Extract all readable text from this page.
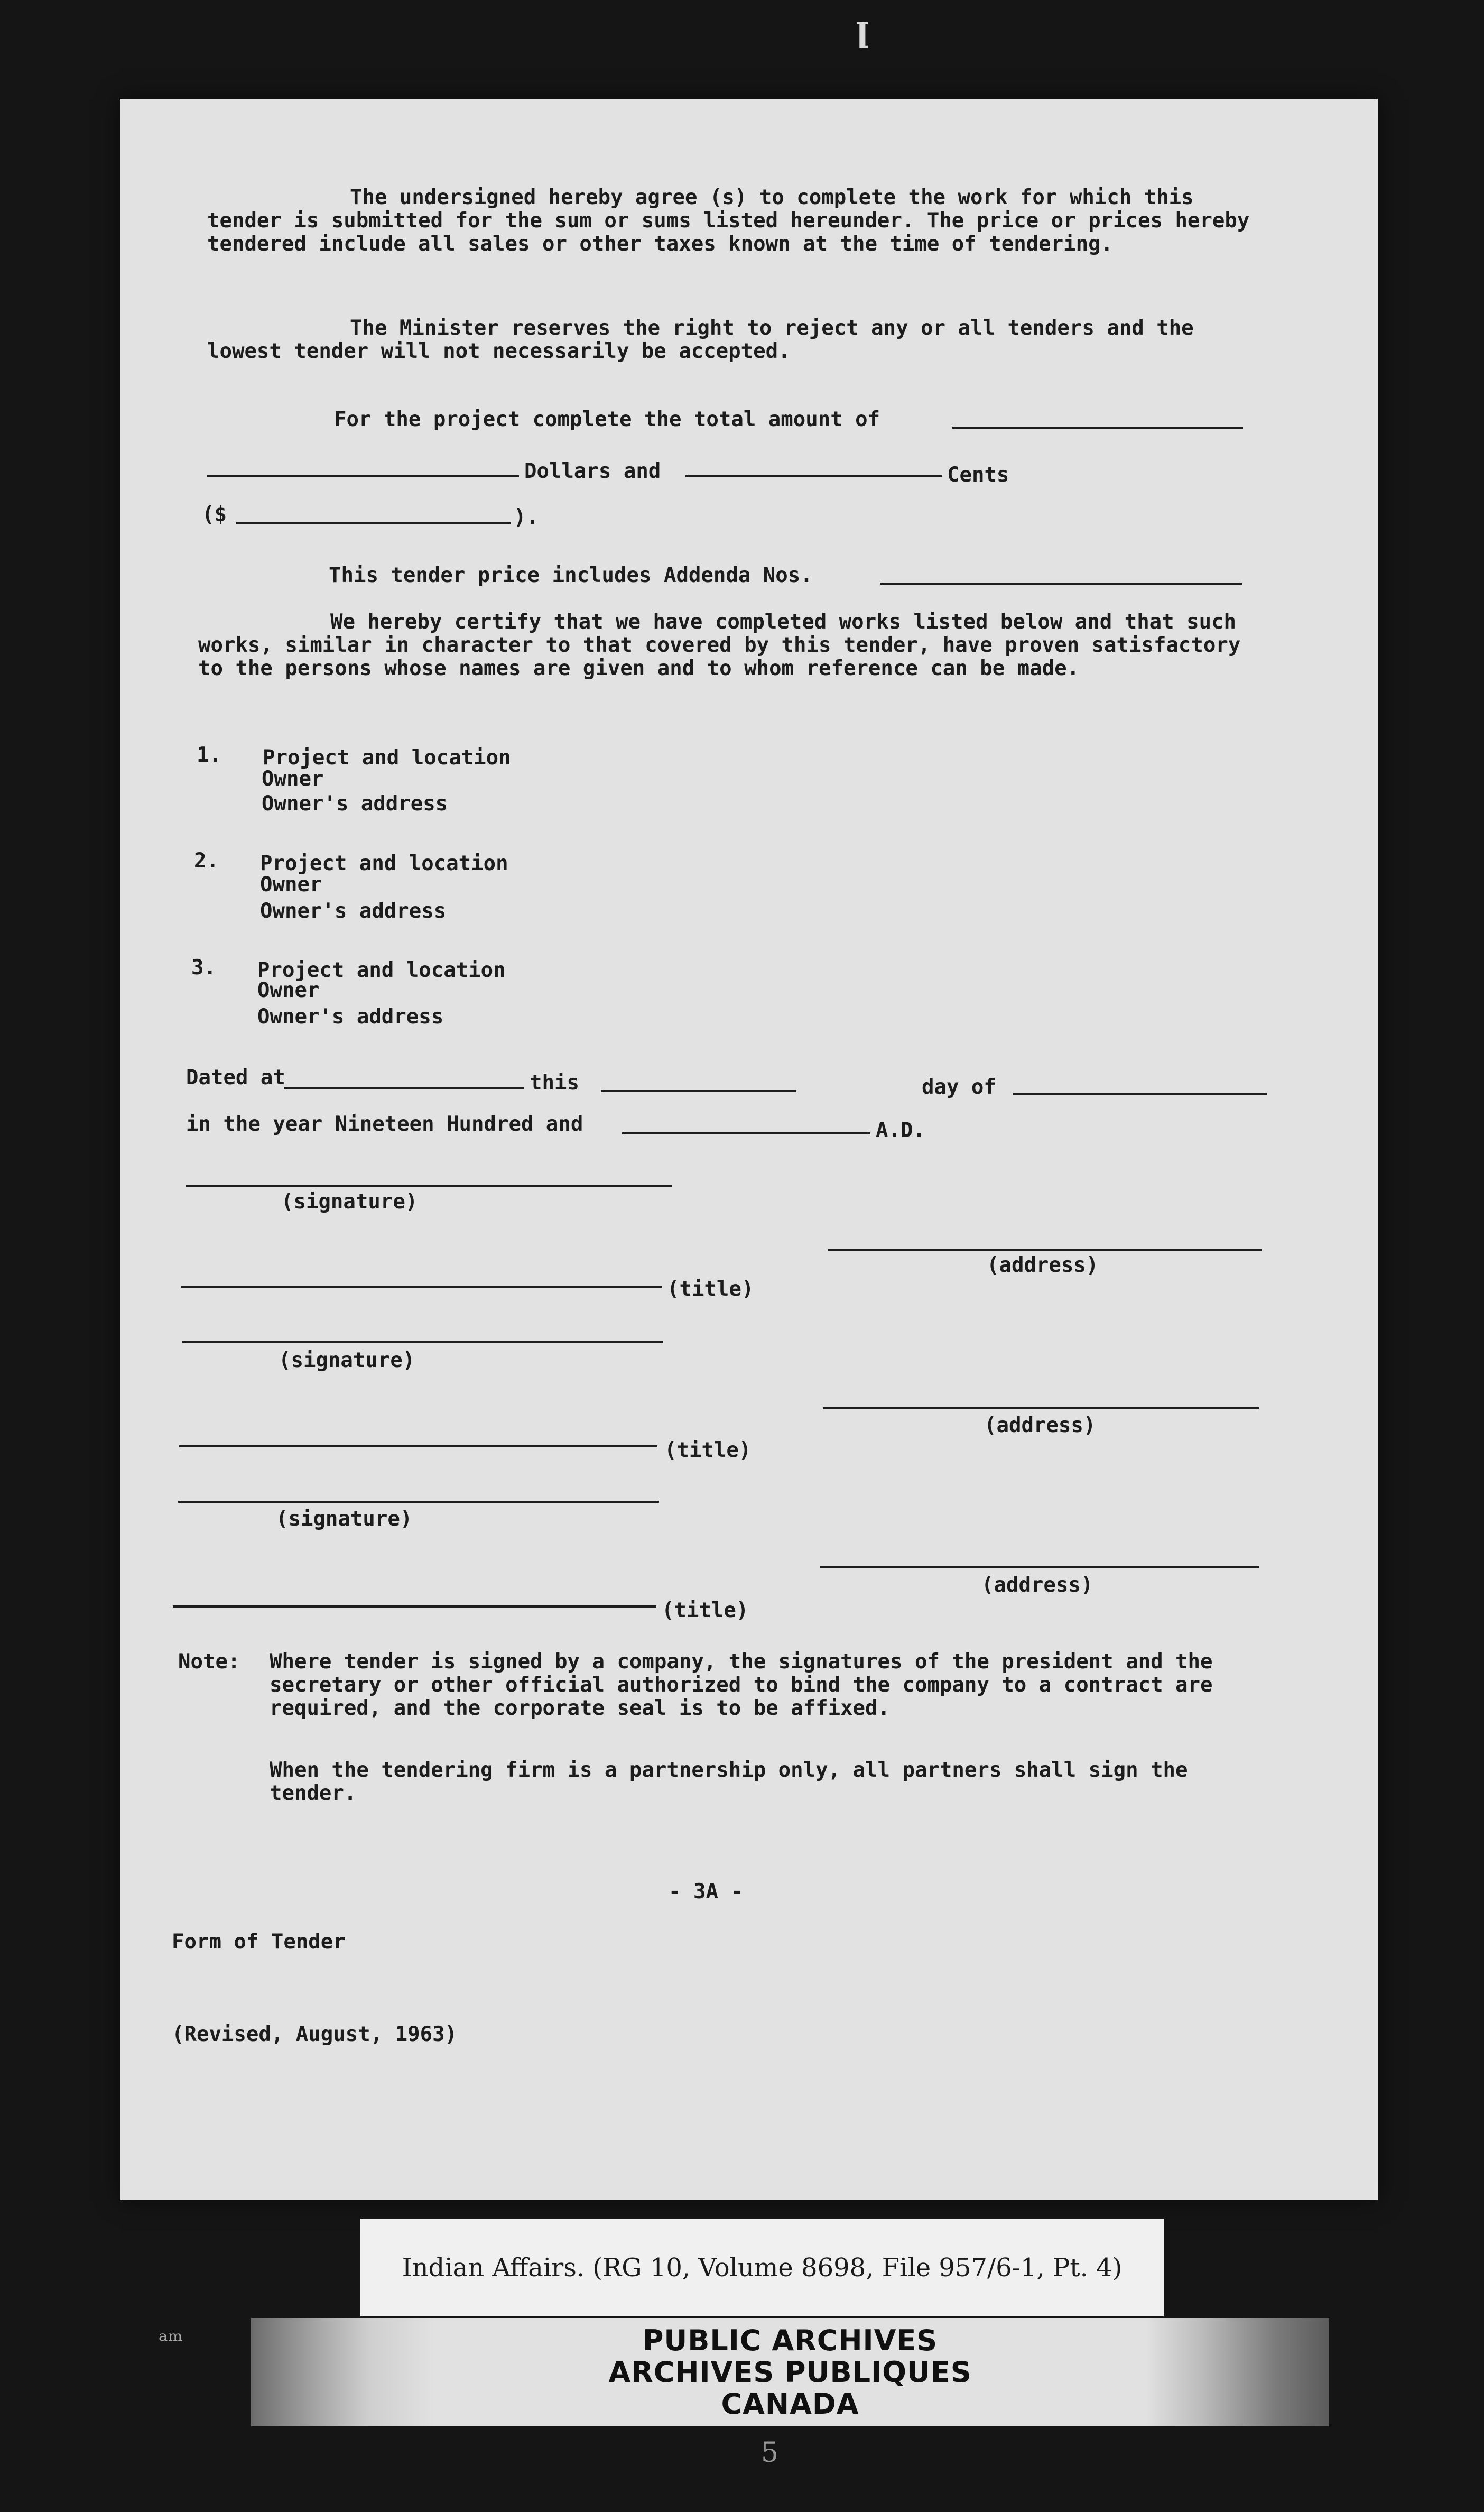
ꞁ
The undersigned hereby agree (s) to complete the work for which this tender is submitted for the sum or sums listed hereunder. The price or prices hereby tendered include all sales or other taxes known at the time of tendering.
The Minister reserves the right to reject any or all tenders and the lowest tender will not necessarily be accepted.
For the project complete the total amount of
Dollars and	Cents
($	).
This tender price includes Addenda Nos.
We hereby certify that we have completed works listed below and that such works, similar in character to that covered by this tender, have proven satisfactory to the persons whose names are given and to whom reference can be made.
1. Project and location
Owner
Owner's address
2. Project and location
Owner
Owner's address
3. Project and location
Owner
Owner's address
Dated at	this	day of
in the year Nineteen Hundred and	A.D.
(signature)
(address)
(title)
(signature)
(address)
(title)
(signature)
(address)
(title)
Note: Where tender is signed by a company, the signatures of the president and the secretary or other official authorized to bind the company to a contract are required, and the corporate seal is to be affixed.
When the tendering firm is a partnership only, all partners shall sign the tender.
- 3A -
Form of Tender
(Revised, August, 1963)
Indian Affairs. (RG 10, Volume 8698, File 957/6-1, Pt. 4)
PUBLIC ARCHIVES
ARCHIVES PUBLIQUES
CANADA
ᵃᵐ
5
